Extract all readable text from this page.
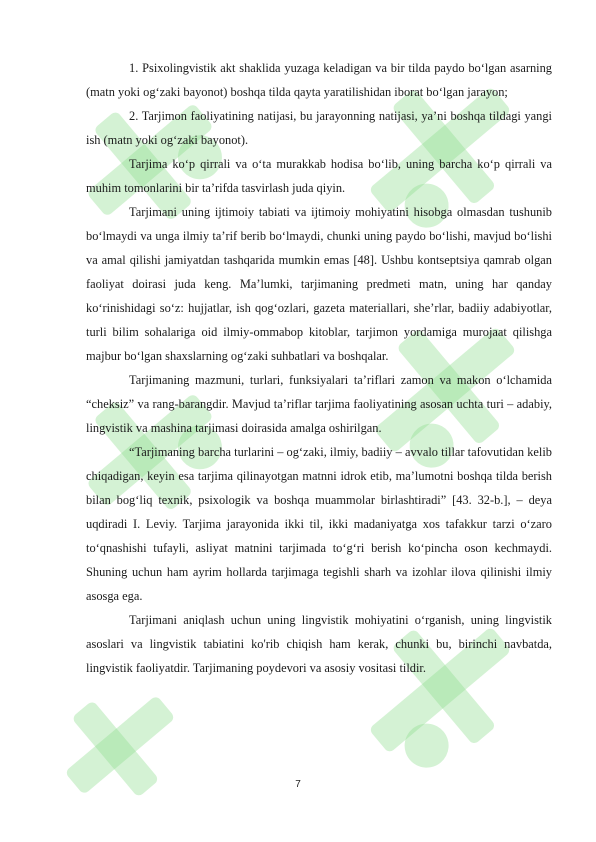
1. Psixolingvistik akt shaklida yuzaga keladigan va bir tilda paydo bo‘lgan asarning (matn yoki og‘zaki bayonot) boshqa tilda qayta yaratilishidan iborat bo‘lgan jarayon;

2. Tarjimon faoliyatining natijasi, bu jarayonning natijasi, ya’ni boshqa tildagi yangi ish (matn yoki og‘zaki bayonot).

Tarjima ko‘p qirrali va o‘ta murakkab hodisa bo‘lib, uning barcha ko‘p qirrali va muhim tomonlarini bir ta’rifda tasvirlash juda qiyin.

Tarjimani uning ijtimoiy tabiati va ijtimoiy mohiyatini hisobga olmasdan tushunib bo‘lmaydi va unga ilmiy ta’rif berib bo‘lmaydi, chunki uning paydo bo‘lishi, mavjud bo‘lishi va amal qilishi jamiyatdan tashqarida mumkin emas [48]. Ushbu kontseptsiya qamrab olgan faoliyat doirasi juda keng. Ma’lumki, tarjimaning predmeti matn, uning har qanday ko‘rinishidagi so‘z: hujjatlar, ish qog‘ozlari, gazeta materiallari, she’rlar, badiiy adabiyotlar, turli bilim sohalariga oid ilmiy-ommabop kitoblar, tarjimon yordamiga murojaat qilishga majbur bo‘lgan shaxslarning og‘zaki suhbatlari va boshqalar.

Tarjimaning mazmuni, turlari, funksiyalari ta’riflari zamon va makon o‘lchamida “cheksiz” va rang-barangdir. Mavjud ta’riflar tarjima faoliyatining asosan uchta turi – adabiy, lingvistik va mashina tarjimasi doirasida amalga oshirilgan.

“Tarjimaning barcha turlarini – og‘zaki, ilmiy, badiiy – avvalo tillar tafovutidan kelib chiqadigan, keyin esa tarjima qilinayotgan matnni idrok etib, ma’lumotni boshqa tilda berish bilan bog‘liq texnik, psixologik va boshqa muammolar birlashtiradi” [43. 32-b.], – deya uqdiradi I. Leviy. Tarjima jarayonida ikki til, ikki madaniyatga xos tafakkur tarzi o‘zaro to‘qnashishi tufayli, asliyat matnini tarjimada to‘g‘ri berish ko‘pincha oson kechmaydi. Shuning uchun ham ayrim hollarda tarjimaga tegishli sharh va izohlar ilova qilinishi ilmiy asosga ega.

Tarjimani aniqlash uchun uning lingvistik mohiyatini o‘rganish, uning lingvistik asoslari va lingvistik tabiatini ko'rib chiqish ham kerak, chunki bu, birinchi navbatda, lingvistik faoliyatdir. Tarjimaning poydevori va asosiy vositasi tildir.

7
